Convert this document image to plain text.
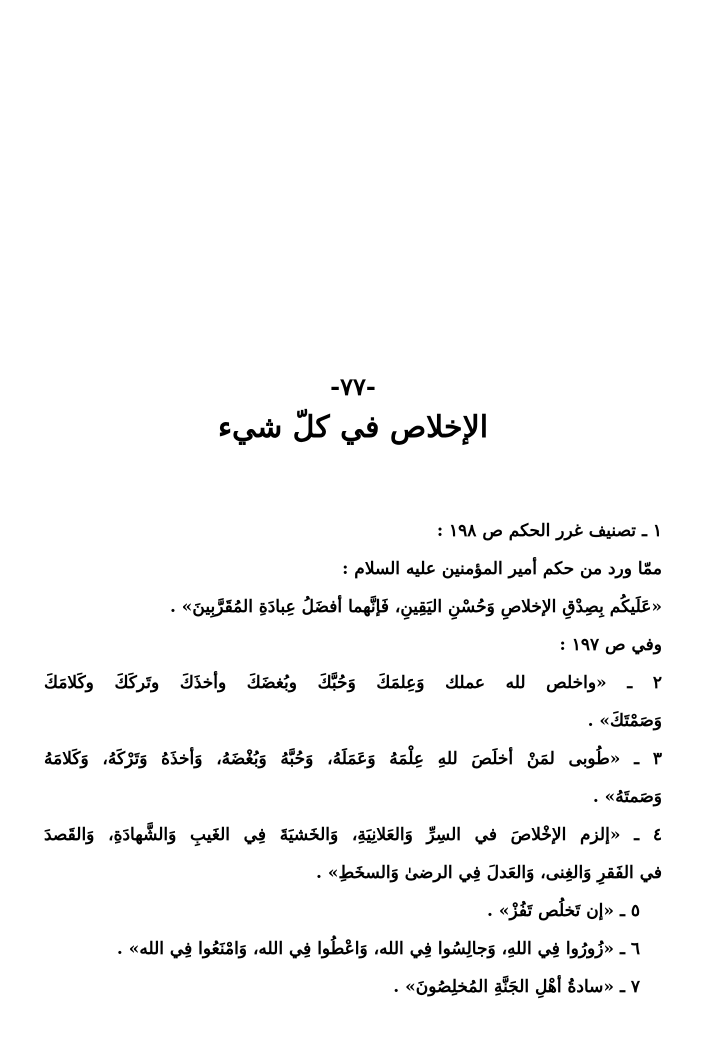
-٧٧-
الإخلاص في كلّ شيء
١ ـ تصنيف غرر الحكم ص ١٩٨ :
ممّا ورد من حكم أمير المؤمنين عليه السلام :
«عَلَيكُم بِصِدْقِ الإخلاصِ وَحُسْنِ اليَقِينِ، فَإنَّهما أفضَلُ عِبادَةِ المُقَرَّبِينَ» .
وفي ص ١٩٧ :
٢ ـ «واخلص لله عملك وَعِلمَكَ وَحُبَّكَ وبُغضَكَ وأخذَكَ وتَركَكَ وكَلامَكَ
وَصَمْتَكَ» .
٣ ـ «طُوبى لمَنْ أخلَصَ للهِ عِلْمَهُ وَعَمَلَهُ، وَحُبَّهُ وَبُغْضَهُ، وَأخذَهُ وَتَرْكَهُ، وَكَلامَهُ
وَصَمتَهُ» .
٤ ـ «إلزم الإخْلاصَ في السِرِّ وَالعَلانِيَةِ، وَالخَشيَةَ فِي الغَيبِ وَالشَّهادَةِ، وَالقَصدَ
في الفَقرِ وَالغِنى، وَالعَدلَ فِي الرضىٰ وَالسخَطِ» .
٥ ـ «إن تَخلُص تَفُزْ» .
٦ ـ «زُورُوا فِي اللهِ، وَجالِسُوا فِي الله، وَاعْطُوا فِي الله، وَامْنَعُوا فِي الله» .
٧ ـ «سادةُ أهْلِ الجَنَّةِ المُخلِصُونَ» .
